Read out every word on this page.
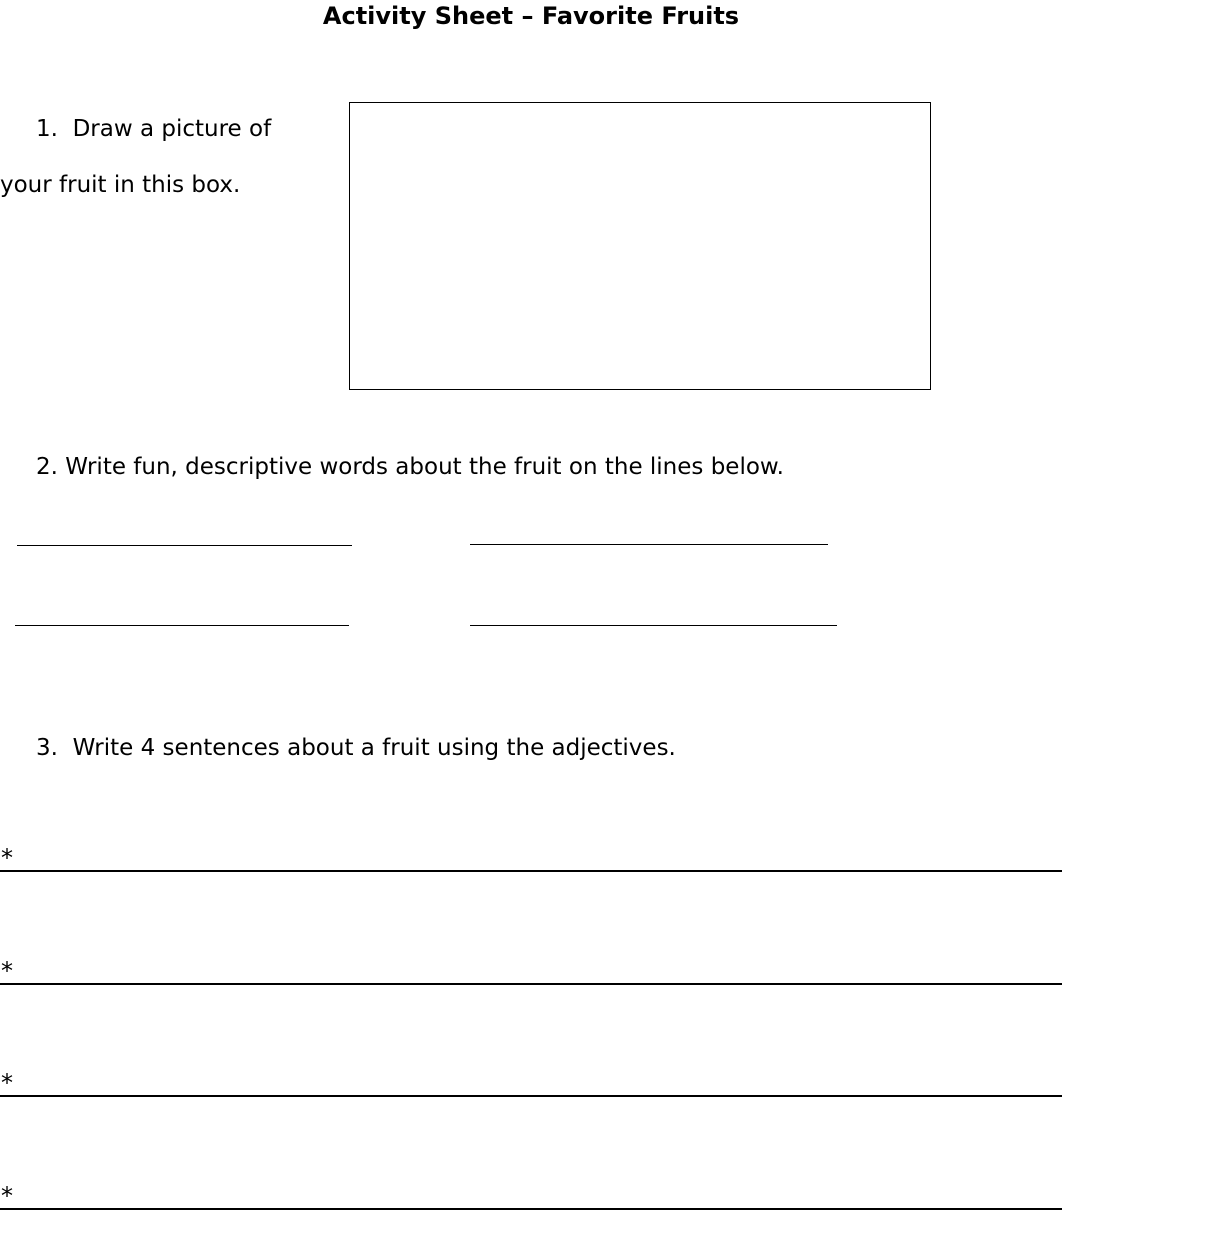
Activity Sheet – Favorite Fruits
1. Draw a picture of
your fruit in this box.
2. Write fun, descriptive words about the fruit on the lines below.
3. Write 4 sentences about a fruit using the adjectives.
*
*
*
*
